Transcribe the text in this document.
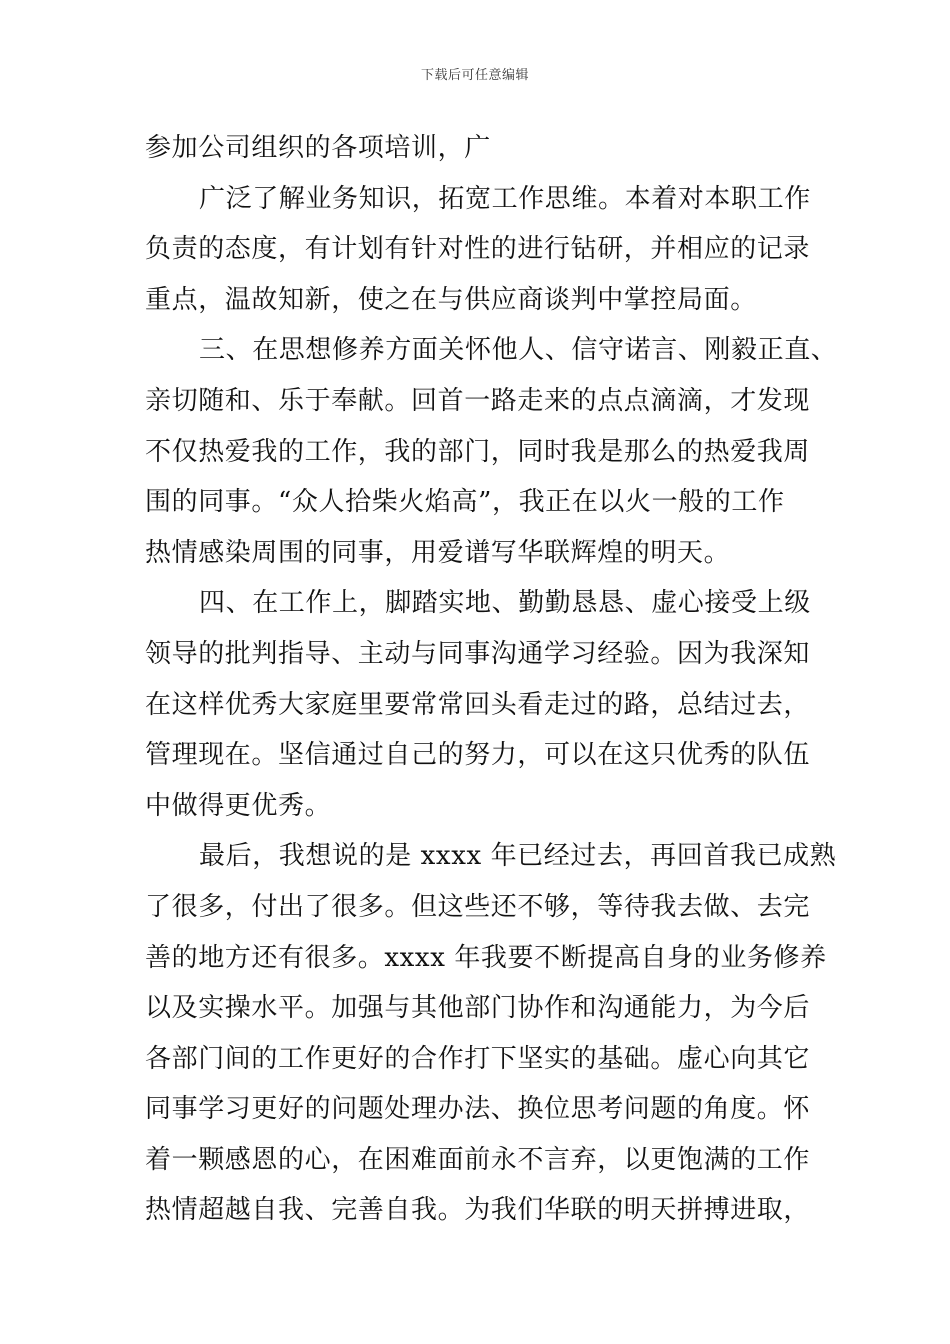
下载后可任意编辑
参加公司组织的各项培训，广
广泛了解业务知识，拓宽工作思维。本着对本职工作
负责的态度，有计划有针对性的进行钻研，并相应的记录
重点，温故知新，使之在与供应商谈判中掌控局面。
三、在思想修养方面关怀他人、信守诺言、刚毅正直、
亲切随和、乐于奉献。回首一路走来的点点滴滴，才发现
不仅热爱我的工作，我的部门，同时我是那么的热爱我周
围的同事。“众人拾柴火焰高”，我正在以火一般的工作
热情感染周围的同事，用爱谱写华联辉煌的明天。
四、在工作上，脚踏实地、勤勤恳恳、虚心接受上级
领导的批判指导、主动与同事沟通学习经验。因为我深知
在这样优秀大家庭里要常常回头看走过的路，总结过去，
管理现在。坚信通过自己的努力，可以在这只优秀的队伍
中做得更优秀。
最后，我想说的是 xxxx 年已经过去，再回首我已成熟
了很多，付出了很多。但这些还不够，等待我去做、去完
善的地方还有很多。xxxx 年我要不断提高自身的业务修养
以及实操水平。加强与其他部门协作和沟通能力，为今后
各部门间的工作更好的合作打下坚实的基础。虚心向其它
同事学习更好的问题处理办法、换位思考问题的角度。怀
着一颗感恩的心，在困难面前永不言弃，以更饱满的工作
热情超越自我、完善自我。为我们华联的明天拼搏进取，
